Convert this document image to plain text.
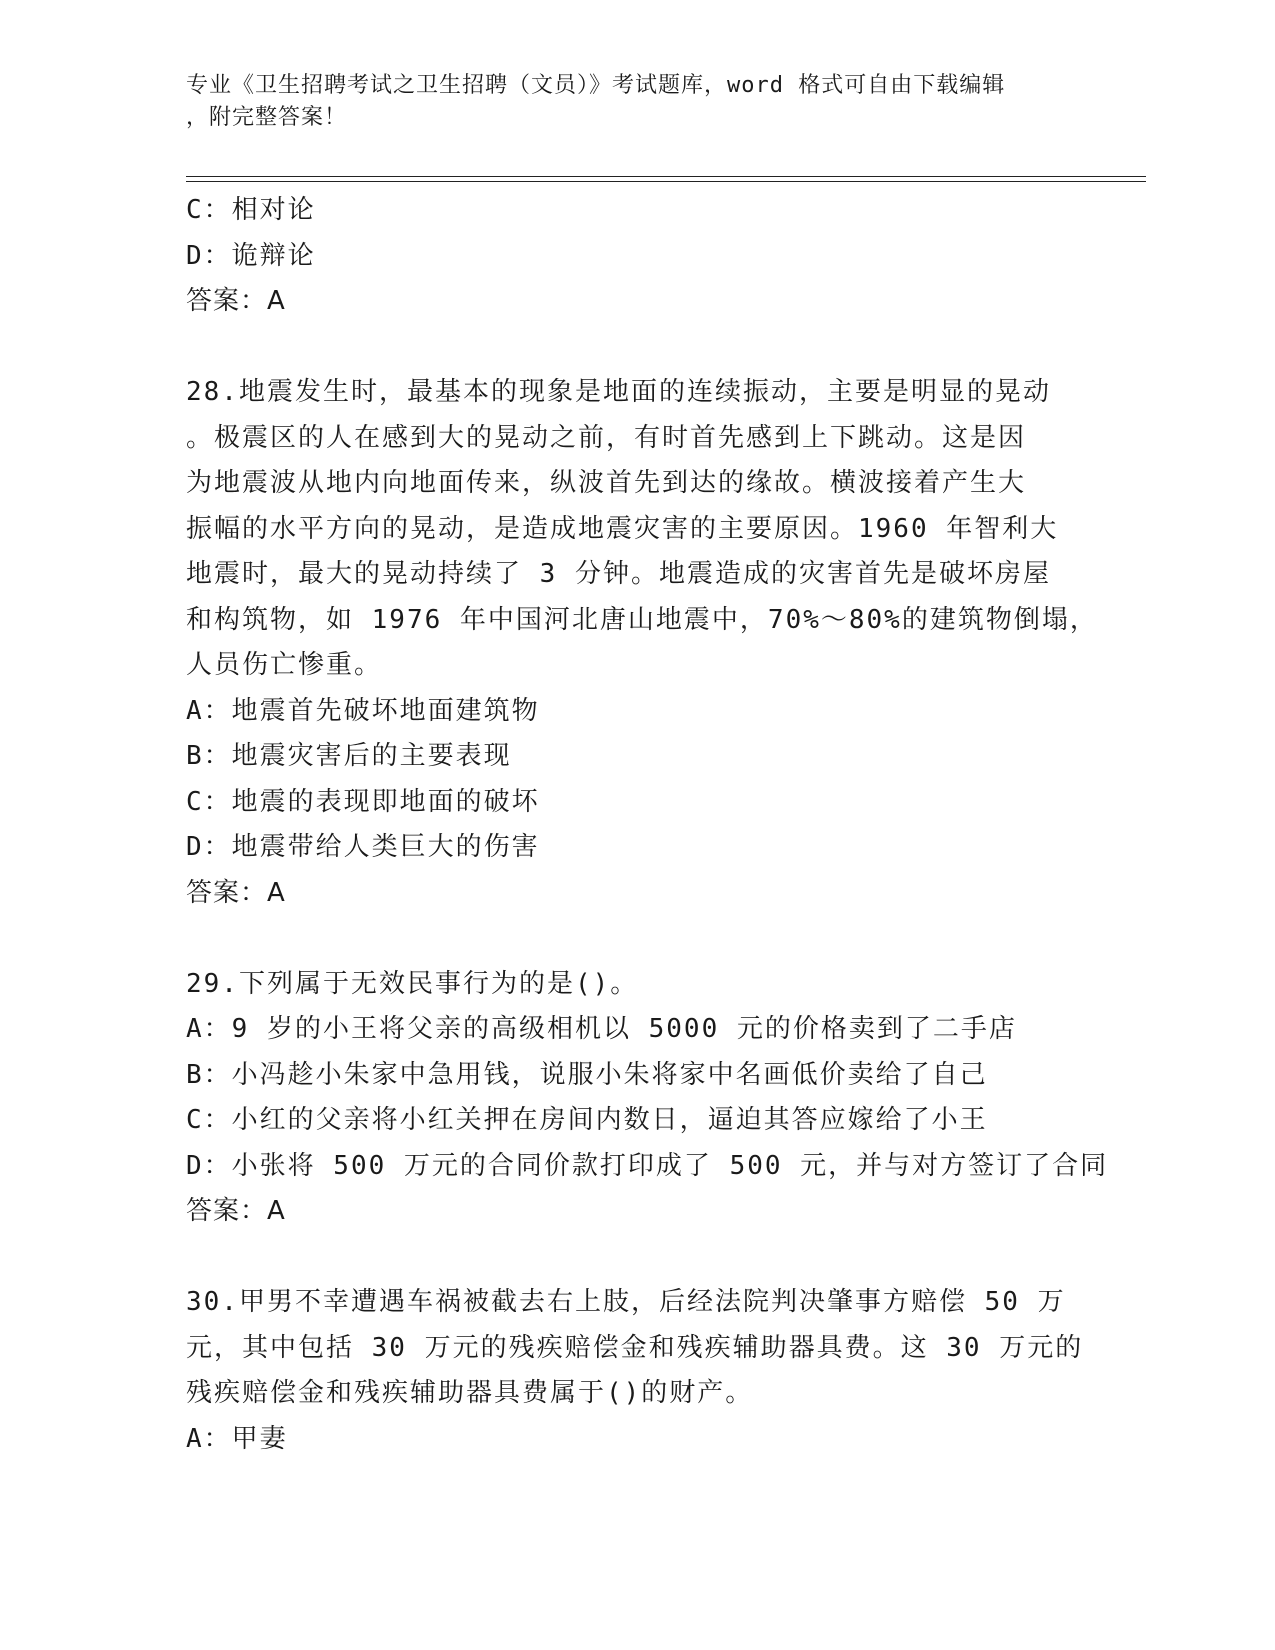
专业《卫生招聘考试之卫生招聘（文员）》考试题库，word 格式可自由下载编辑
，附完整答案！
C：相对论
D：诡辩论
答案：A
28.地震发生时，最基本的现象是地面的连续振动，主要是明显的晃动
。极震区的人在感到大的晃动之前，有时首先感到上下跳动。这是因
为地震波从地内向地面传来，纵波首先到达的缘故。横波接着产生大
振幅的水平方向的晃动，是造成地震灾害的主要原因。1960 年智利大
地震时，最大的晃动持续了 3 分钟。地震造成的灾害首先是破坏房屋
和构筑物，如 1976 年中国河北唐山地震中，70%～80%的建筑物倒塌，
人员伤亡惨重。
A：地震首先破坏地面建筑物
B：地震灾害后的主要表现
C：地震的表现即地面的破坏
D：地震带给人类巨大的伤害
答案：A
29.下列属于无效民事行为的是()。
A：9 岁的小王将父亲的高级相机以 5000 元的价格卖到了二手店
B：小冯趁小朱家中急用钱，说服小朱将家中名画低价卖给了自己
C：小红的父亲将小红关押在房间内数日，逼迫其答应嫁给了小王
D：小张将 500 万元的合同价款打印成了 500 元，并与对方签订了合同
答案：A
30.甲男不幸遭遇车祸被截去右上肢，后经法院判决肇事方赔偿 50 万
元，其中包括 30 万元的残疾赔偿金和残疾辅助器具费。这 30 万元的
残疾赔偿金和残疾辅助器具费属于()的财产。
A：甲妻
